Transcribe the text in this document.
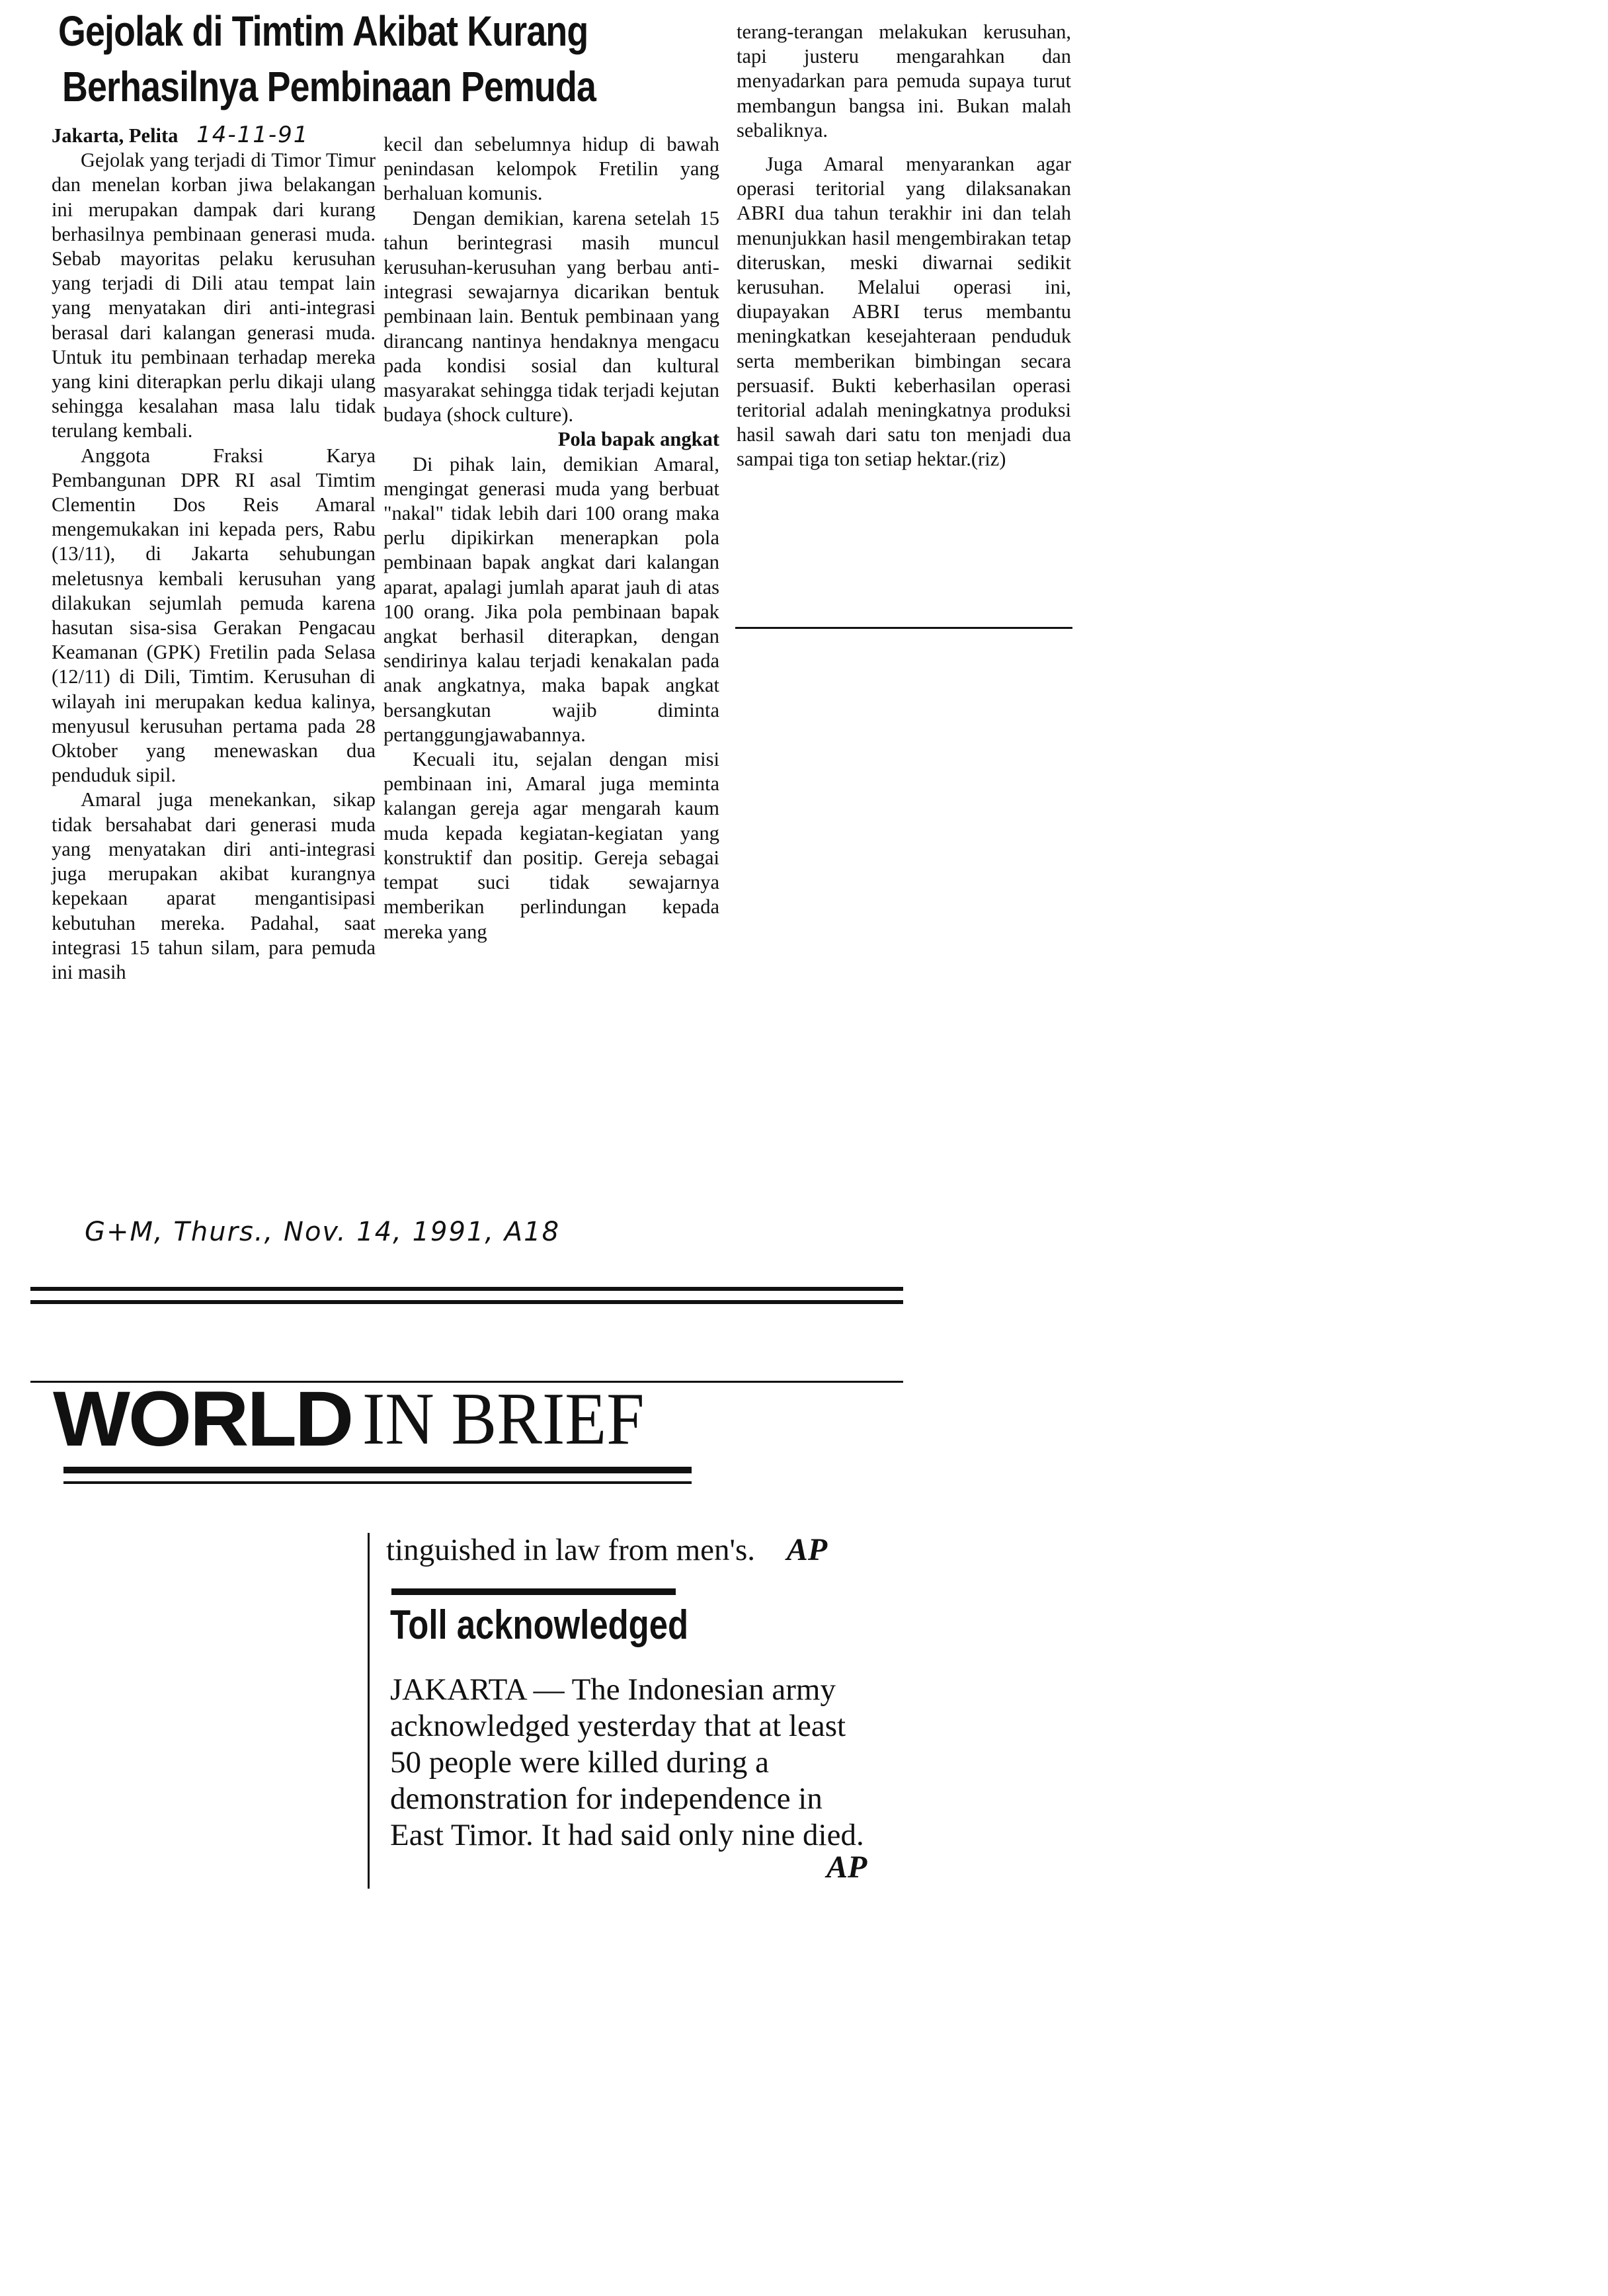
Gejolak di Timtim Akibat Kurang
Berhasilnya Pembinaan Pemuda

Jakarta, Pelita 14-11-91

Gejolak yang terjadi di Timor Timur dan menelan korban jiwa belakangan ini merupakan dampak dari kurang berhasilnya pembinaan generasi muda. Sebab mayoritas pelaku kerusuhan yang terjadi di Dili atau tempat lain yang menyatakan diri anti-integrasi berasal dari kalangan generasi muda. Untuk itu pembinaan terhadap mereka yang kini diterapkan perlu dikaji ulang sehingga kesalahan masa lalu tidak terulang kembali.

Anggota Fraksi Karya Pembangunan DPR RI asal Timtim Clementin Dos Reis Amaral mengemukakan ini kepada pers, Rabu (13/11), di Jakarta sehubungan meletusnya kembali kerusuhan yang dilakukan sejumlah pemuda karena hasutan sisa-sisa Gerakan Pengacau Keamanan (GPK) Fretilin pada Selasa (12/11) di Dili, Timtim. Kerusuhan di wilayah ini merupakan kedua kalinya, menyusul kerusuhan pertama pada 28 Oktober yang menewaskan dua penduduk sipil.

Amaral juga menekankan, sikap tidak bersahabat dari generasi muda yang menyatakan diri anti-integrasi juga merupakan akibat kurangnya kepekaan aparat mengantisipasi kebutuhan mereka. Padahal, saat integrasi 15 tahun silam, para pemuda ini masih

kecil dan sebelumnya hidup di bawah penindasan kelompok Fretilin yang berhaluan komunis.

Dengan demikian, karena setelah 15 tahun berintegrasi masih muncul kerusuhan-kerusuhan yang berbau anti-integrasi sewajarnya dicarikan bentuk pembinaan lain. Bentuk pembinaan yang dirancang nantinya hendaknya mengacu pada kondisi sosial dan kultural masyarakat sehingga tidak terjadi kejutan budaya (shock culture).

Pola bapak angkat

Di pihak lain, demikian Amaral, mengingat generasi muda yang berbuat "nakal" tidak lebih dari 100 orang maka perlu dipikirkan menerapkan pola pembinaan bapak angkat dari kalangan aparat, apalagi jumlah aparat jauh di atas 100 orang. Jika pola pembinaan bapak angkat berhasil diterapkan, dengan sendirinya kalau terjadi kenakalan pada anak angkatnya, maka bapak angkat bersangkutan wajib diminta pertanggungjawabannya.

Kecuali itu, sejalan dengan misi pembinaan ini, Amaral juga meminta kalangan gereja agar mengarah kaum muda kepada kegiatan-kegiatan yang konstruktif dan positip. Gereja sebagai tempat suci tidak sewajarnya memberikan perlindungan kepada mereka yang

terang-terangan melakukan kerusuhan, tapi justeru mengarahkan dan menyadarkan para pemuda supaya turut membangun bangsa ini. Bukan malah sebaliknya.

Juga Amaral menyarankan agar operasi teritorial yang dilaksanakan ABRI dua tahun terakhir ini dan telah menunjukkan hasil mengembirakan tetap diteruskan, meski diwarnai sedikit kerusuhan. Melalui operasi ini, diupayakan ABRI terus membantu meningkatkan kesejahteraan penduduk serta memberikan bimbingan secara persuasif. Bukti keberhasilan operasi teritorial adalah meningkatnya produksi hasil sawah dari satu ton menjadi dua sampai tiga ton setiap hektar.(riz)

G+M, Thurs., Nov. 14, 1991, A18
WORLD IN BRIEF
tinguished in law from men's. AP
Toll acknowledged
JAKARTA — The Indonesian army acknowledged yesterday that at least 50 people were killed during a demonstration for independence in East Timor. It had said only nine died.
AP
